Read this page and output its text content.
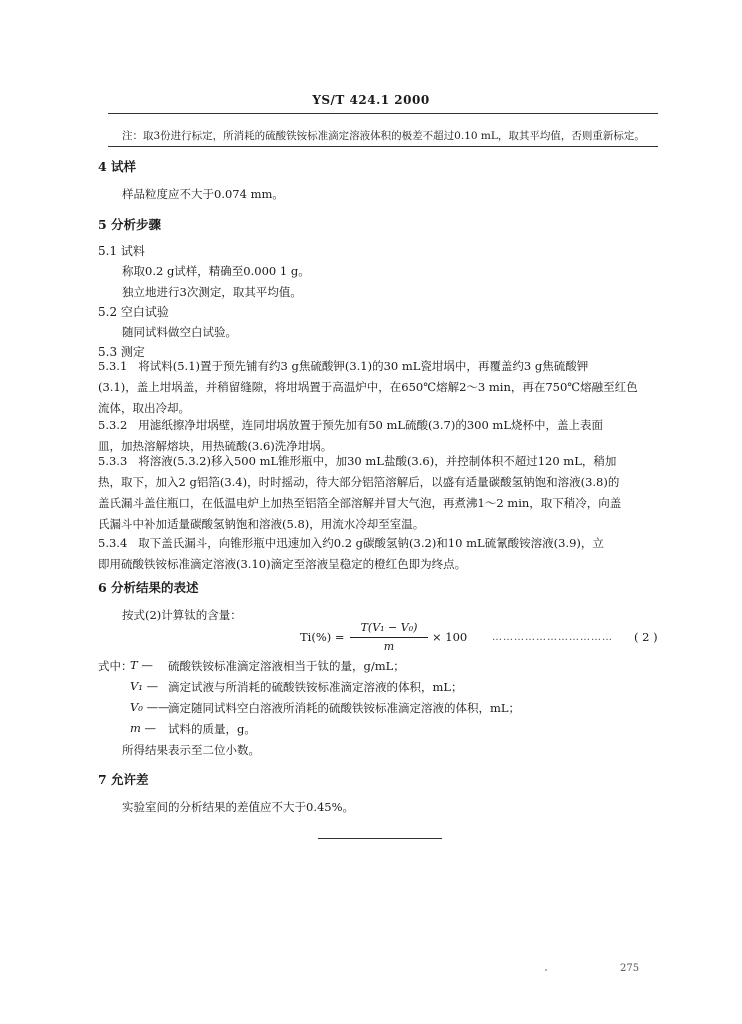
YS/T 424.1 2000
注：取3份进行标定，所消耗的硫酸铁铵标准滴定溶液体积的极差不超过0.10 mL，取其平均值，否则重新标定。
4 试样
样品粒度应不大于0.074 mm。
5 分析步骤
5.1 试料
称取0.2 g试样，精确至0.000 1 g。
独立地进行3次测定，取其平均值。
5.2 空白试验
随同试料做空白试验。
5.3 测定
5.3.1 将试料(5.1)置于预先铺有约3 g焦硫酸钾(3.1)的30 mL瓷坩埚中，再覆盖约3 g焦硫酸钾
(3.1)，盖上坩埚盖，并稍留缝隙，将坩埚置于高温炉中，在650℃熔解2～3 min，再在750℃熔融至红色
流体，取出冷却。
5.3.2 用滤纸擦净坩埚壁，连同坩埚放置于预先加有50 mL硫酸(3.7)的300 mL烧杯中，盖上表面
皿，加热溶解熔块，用热硫酸(3.6)洗净坩埚。
5.3.3 将溶液(5.3.2)移入500 mL锥形瓶中，加30 mL盐酸(3.6)，并控制体积不超过120 mL，稍加
热，取下，加入2 g铝箔(3.4)，时时摇动，待大部分铝箔溶解后，以盛有适量碳酸氢钠饱和溶液(3.8)的
盖氏漏斗盖住瓶口，在低温电炉上加热至铝箔全部溶解并冒大气泡，再煮沸1～2 min，取下稍冷，向盖
氏漏斗中补加适量碳酸氢钠饱和溶液(5.8)，用流水冷却至室温。
5.3.4 取下盖氏漏斗，向锥形瓶中迅速加入约0.2 g碳酸氢钠(3.2)和10 mL硫氰酸铵溶液(3.9)，立
即用硫酸铁铵标准滴定溶液(3.10)滴定至溶液呈稳定的橙红色即为终点。
6 分析结果的表述
按式(2)计算钛的含量：
Ti(%) =
T(V₁ − V₀)
m
× 100 …………………………… ( 2 )
式中：
T — 硫酸铁铵标准滴定溶液相当于钛的量，g/mL；
V₁ — 滴定试液与所消耗的硫酸铁铵标准滴定溶液的体积，mL；
V₀ ——
滴定随同试料空白溶液所消耗的硫酸铁铵标准滴定溶液的体积，mL；
m — 试料的质量，g。
所得结果表示至二位小数。
7 允许差
实验室间的分析结果的差值应不大于0.45%。
275
